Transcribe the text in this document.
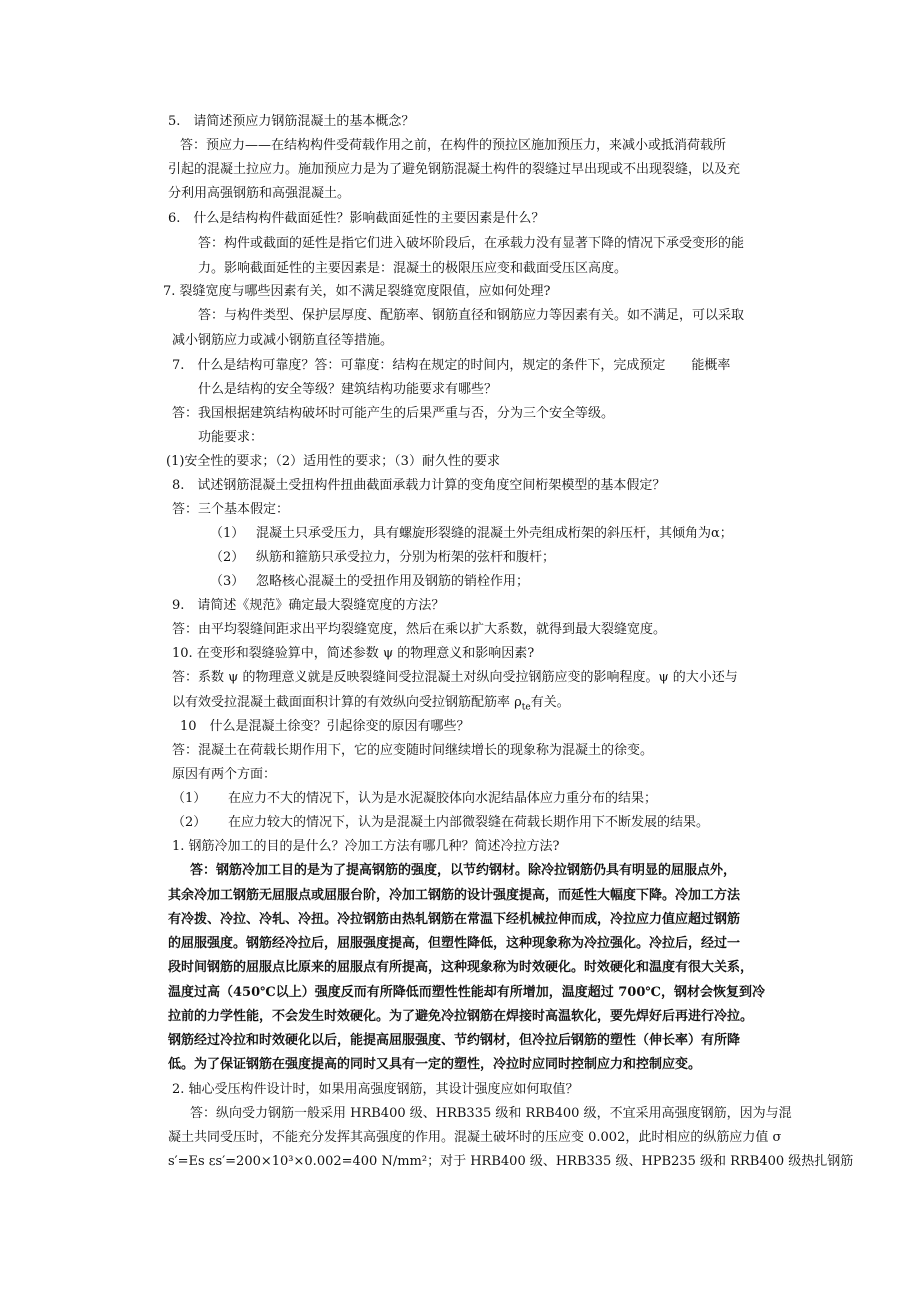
5.　请简述预应力钢筋混凝土的基本概念？
答：预应力——在结构构件受荷载作用之前，在构件的预拉区施加预压力，来减小或抵消荷载所
引起的混凝土拉应力。施加预应力是为了避免钢筋混凝土构件的裂缝过早出现或不出现裂缝，以及充
分利用高强钢筋和高强混凝土。
6.　什么是结构构件截面延性？影响截面延性的主要因素是什么？
答：构件或截面的延性是指它们进入破坏阶段后，在承载力没有显著下降的情况下承受变形的能
力。影响截面延性的主要因素是：混凝土的极限压应变和截面受压区高度。
7. 裂缝宽度与哪些因素有关，如不满足裂缝宽度限值，应如何处理?
答：与构件类型、保护层厚度、配筋率、钢筋直径和钢筋应力等因素有关。如不满足，可以采取
减小钢筋应力或减小钢筋直径等措施。
7.　什么是结构可靠度？答：可靠度：结构在规定的时间内，规定的条件下，完成预定　　能概率
什么是结构的安全等级？建筑结构功能要求有哪些？
答：我国根据建筑结构破坏时可能产生的后果严重与否，分为三个安全等级。
功能要求：
(1)安全性的要求；（2）适用性的要求；（3）耐久性的要求
8.　试述钢筋混凝土受扭构件扭曲截面承载力计算的变角度空间桁架模型的基本假定？
答：三个基本假定：
（1） 混凝土只承受压力，具有螺旋形裂缝的混凝土外壳组成桁架的斜压杆，其倾角为α；
（2） 纵筋和箍筋只承受拉力，分别为桁架的弦杆和腹杆；
（3） 忽略核心混凝土的受扭作用及钢筋的销栓作用；
9.　请简述《规范》确定最大裂缝宽度的方法？
答：由平均裂缝间距求出平均裂缝宽度，然后在乘以扩大系数，就得到最大裂缝宽度。
10. 在变形和裂缝验算中，简述参数 ψ 的物理意义和影响因素?
答：系数 ψ 的物理意义就是反映裂缝间受拉混凝土对纵向受拉钢筋应变的影响程度。ψ 的大小还与
以有效受拉混凝土截面面积计算的有效纵向受拉钢筋配筋率 $\rho_{te}$有关。
10　什么是混凝土徐变？引起徐变的原因有哪些？
答：混凝土在荷载长期作用下，它的应变随时间继续增长的现象称为混凝土的徐变。
原因有两个方面：
（1） 在应力不大的情况下，认为是水泥凝胶体向水泥结晶体应力重分布的结果；
（2） 在应力较大的情况下，认为是混凝土内部微裂缝在荷载长期作用下不断发展的结果。
1. 钢筋冷加工的目的是什么？冷加工方法有哪几种？简述冷拉方法?
答：钢筋冷加工目的是为了提高钢筋的强度，以节约钢材。除冷拉钢筋仍具有明显的屈服点外，
其余冷加工钢筋无屈服点或屈服台阶，冷加工钢筋的设计强度提高，而延性大幅度下降。冷加工方法
有冷拨、冷拉、冷轧、冷扭。冷拉钢筋由热轧钢筋在常温下经机械拉伸而成，冷拉应力值应超过钢筋
的屈服强度。钢筋经冷拉后，屈服强度提高，但塑性降低，这种现象称为冷拉强化。冷拉后，经过一
段时间钢筋的屈服点比原来的屈服点有所提高，这种现象称为时效硬化。时效硬化和温度有很大关系，
温度过高（450℃以上）强度反而有所降低而塑性性能却有所增加，温度超过 700℃，钢材会恢复到冷
拉前的力学性能，不会发生时效硬化。为了避免冷拉钢筋在焊接时高温软化，要先焊好后再进行冷拉。
钢筋经过冷拉和时效硬化以后，能提高屈服强度、节约钢材，但冷拉后钢筋的塑性（伸长率）有所降
低。为了保证钢筋在强度提高的同时又具有一定的塑性，冷拉时应同时控制应力和控制应变。
2. 轴心受压构件设计时，如果用高强度钢筋，其设计强度应如何取值？
答：纵向受力钢筋一般采用 HRB400 级、HRB335 级和 RRB400 级，不宜采用高强度钢筋，因为与混
凝土共同受压时，不能充分发挥其高强度的作用。混凝土破坏时的压应变 0.002，此时相应的纵筋应力值 σ
s′=Es εs′=200×10³×0.002=400 N/mm²；对于 HRB400 级、HRB335 级、HPB235 级和 RRB400 级热扎钢筋
